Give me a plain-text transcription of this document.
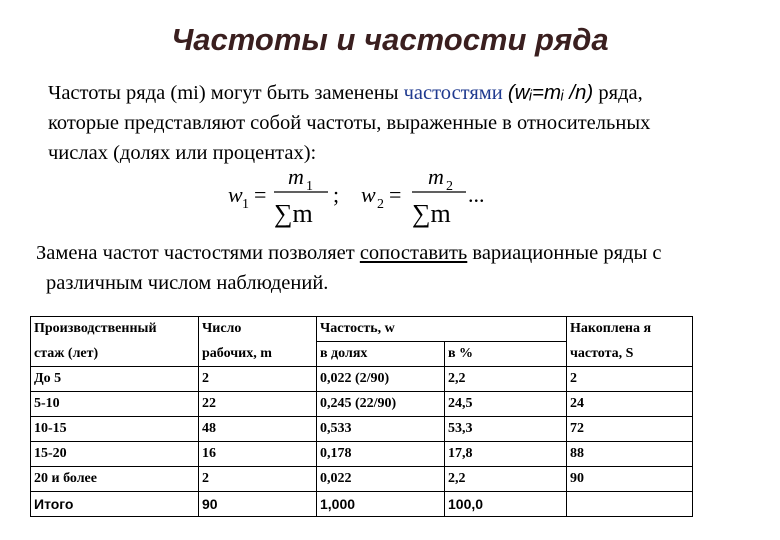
Частоты и частости ряда
Частоты ряда (mi) могут быть заменены частостями (wᵢ=mᵢ /n) ряда,
которые представляют собой частоты, выраженные в относительных
числах (долях или процентах):
w 1 =
m 1
∑m
; w 2 =
m 2
∑m
...
Замена частот частостями позволяет сопоставить вариационные ряды с
различным числом наблюдений.
Производственный	Число	Частость, w		Накоплена я
стаж (лет)	рабочих, m	в долях	в %	частота, S
До 5	2	0,022 (2/90)	2,2	2
5-10	22	0,245 (22/90)	24,5	24
10-15	48	0,533	53,3	72
15-20	16	0,178	17,8	88
20 и более	2	0,022	2,2	90
Итого	90	1,000	100,0	
